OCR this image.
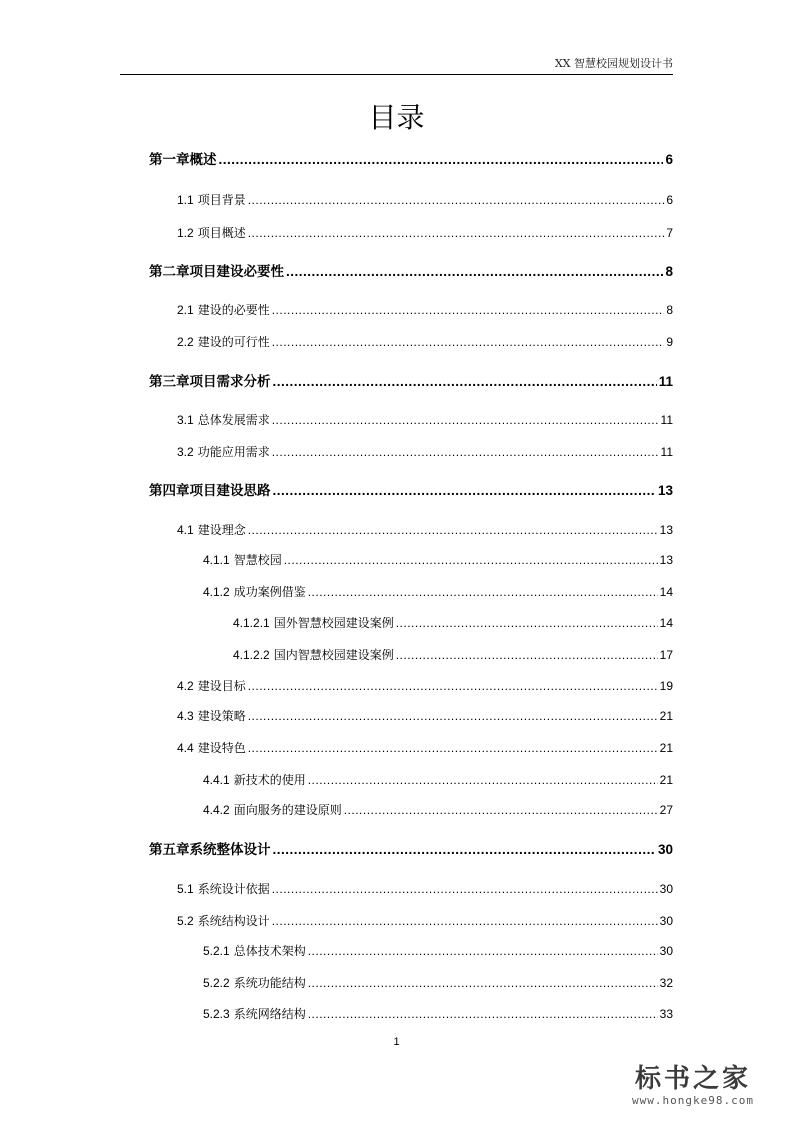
XX 智慧校园规划设计书
目录
第一章概述 .....	6
1.1 项目背景 .....	6
1.2 项目概述 .....	7
第二章项目建设必要性 .....	8
2.1 建设的必要性 .....	8
2.2 建设的可行性 .....	9
第三章项目需求分析 .....	11
3.1 总体发展需求 .....	11
3.2 功能应用需求 .....	11
第四章项目建设思路 .....	13
4.1 建设理念 .....	13
4.1.1 智慧校园 .....	13
4.1.2 成功案例借鉴 .....	14
4.1.2.1 国外智慧校园建设案例 .....	14
4.1.2.2 国内智慧校园建设案例 .....	17
4.2 建设目标 .....	19
4.3 建设策略 .....	21
4.4 建设特色 .....	21
4.4.1 新技术的使用 .....	21
4.4.2 面向服务的建设原则 .....	27
第五章系统整体设计 .....	30
5.1 系统设计依据 .....	30
5.2 系统结构设计 .....	30
5.2.1 总体技术架构 .....	30
5.2.2 系统功能结构 .....	32
5.2.3 系统网络结构 .....	33
1
标书之家
www.hongke98.com
